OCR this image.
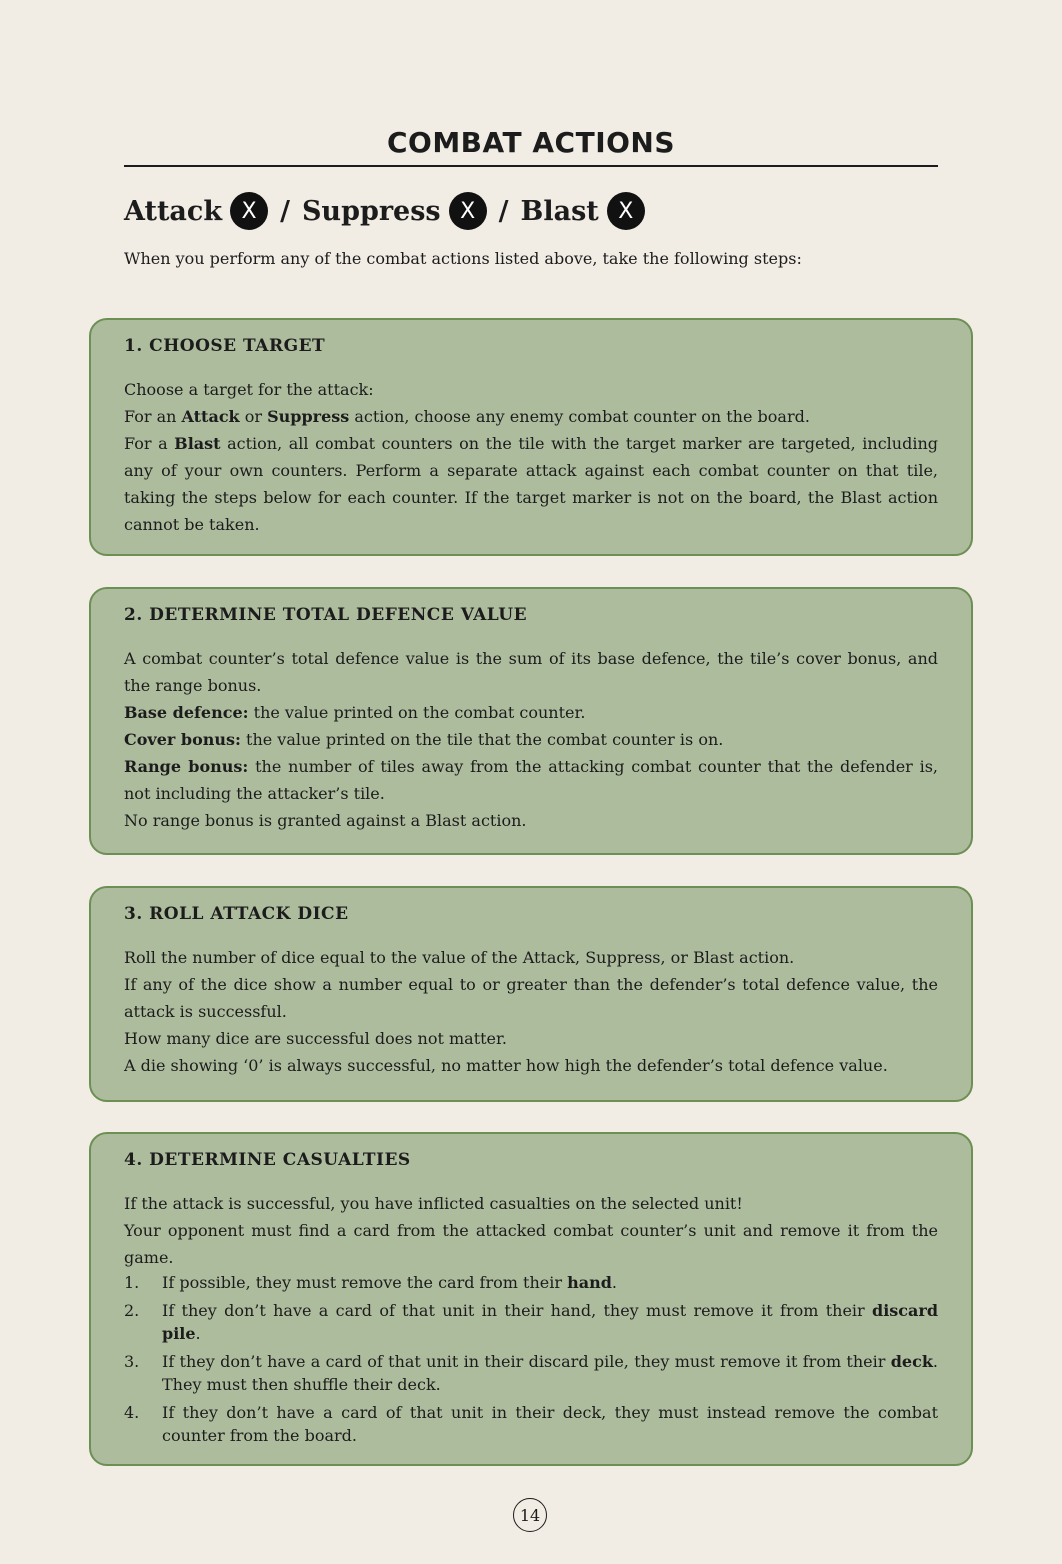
COMBAT ACTIONS
Attack X / Suppress X / Blast X
When you perform any of the combat actions listed above, take the following steps:
1. CHOOSE TARGET

Choose a target for the attack:

For an Attack or Suppress action, choose any enemy combat counter on the board.

For a Blast action, all combat counters on the tile with the target marker are targeted, including any of your own counters. Perform a separate attack against each combat counter on that tile, taking the steps below for each counter. If the target marker is not on the board, the Blast action cannot be taken.

2. DETERMINE TOTAL DEFENCE VALUE

A combat counter’s total defence value is the sum of its base defence, the tile’s cover bonus, and the range bonus.

Base defence: the value printed on the combat counter.

Cover bonus: the value printed on the tile that the combat counter is on.

Range bonus: the number of tiles away from the attacking combat counter that the defender is, not including the attacker’s tile.

No range bonus is granted against a Blast action.

3. ROLL ATTACK DICE

Roll the number of dice equal to the value of the Attack, Suppress, or Blast action.

If any of the dice show a number equal to or greater than the defender’s total defence value, the attack is successful.

How many dice are successful does not matter.

A die showing ‘0’ is always successful, no matter how high the defender’s total defence value.

4. DETERMINE CASUALTIES

If the attack is successful, you have inflicted casualties on the selected unit!

Your opponent must find a card from the attacked combat counter’s unit and remove it from the game.

1.	If possible, they must remove the card from their hand.
2.	If they don’t have a card of that unit in their hand, they must remove it from their discard pile.
3.	If they don’t have a card of that unit in their discard pile, they must remove it from their deck. They must then shuffle their deck.
4.	If they don’t have a card of that unit in their deck, they must instead remove the combat counter from the board.
14
